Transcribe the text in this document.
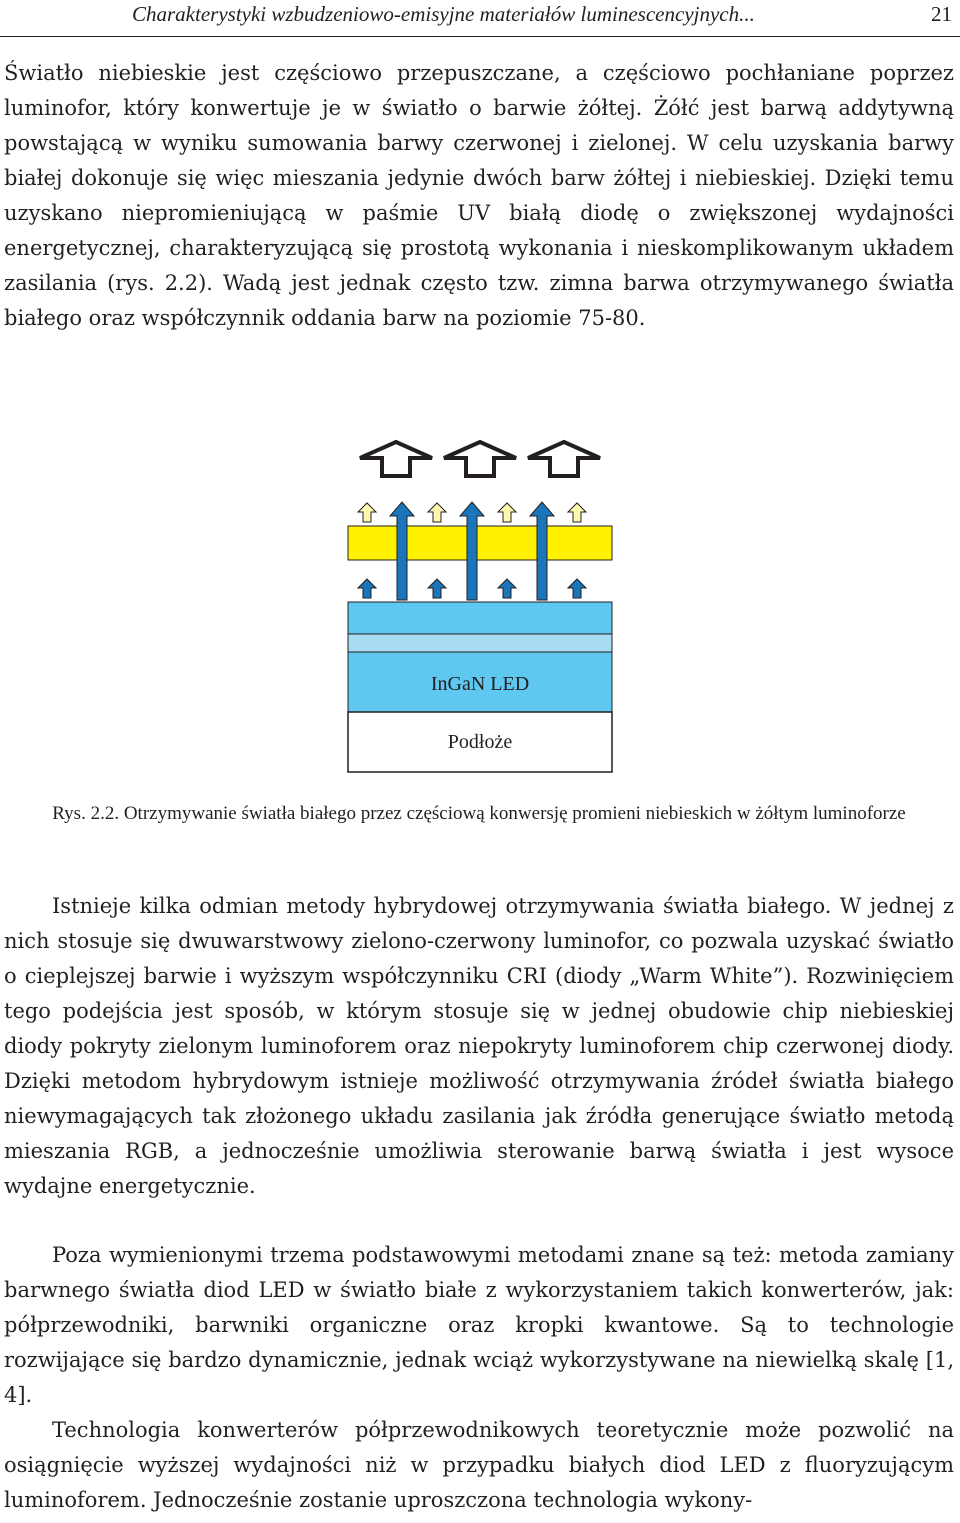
Charakterystyki wzbudzeniowo-emisyjne materiałów luminescencyjnych...	21

Światło niebieskie jest częściowo przepuszczane, a częściowo pochłaniane poprzez luminofor, który konwertuje je w światło o barwie żółtej. Żółć jest barwą addytywną powstającą w wyniku sumowania barwy czerwonej i zielonej. W celu uzyskania barwy białej dokonuje się więc mieszania jedynie dwóch barw żółtej i niebieskiej. Dzięki temu uzyskano niepromieniującą w paśmie UV białą diodę o zwiększonej wydajności energetycznej, charakteryzującą się prostotą wykonania i nieskomplikowanym układem zasilania (rys. 2.2). Wadą jest jednak często tzw. zimna barwa otrzymywanego światła białego oraz współczynnik oddania barw na poziomie 75-80.

InGaN LED
Podłoże
Rys. 2.2. Otrzymywanie światła białego przez częściową konwersję promieni niebieskich w żółtym luminoforze

Istnieje kilka odmian metody hybrydowej otrzymywania światła białego. W jednej z nich stosuje się dwuwarstwowy zielono-czerwony luminofor, co pozwala uzyskać światło o cieplejszej barwie i wyższym współczynniku CRI (diody „Warm White”). Rozwinięciem tego podejścia jest sposób, w którym stosuje się w jednej obudowie chip niebieskiej diody pokryty zielonym luminoforem oraz niepokryty luminoforem chip czerwonej diody. Dzięki metodom hybrydowym istnieje możliwość otrzymywania źródeł światła białego niewymagających tak złożonego układu zasilania jak źródła generujące światło metodą mieszania RGB, a jednocześnie umożliwia sterowanie barwą światła i jest wysoce wydajne energetycznie.

Poza wymienionymi trzema podstawowymi metodami znane są też: metoda zamiany barwnego światła diod LED w światło białe z wykorzystaniem takich konwerterów, jak: półprzewodniki, barwniki organiczne oraz kropki kwantowe. Są to technologie rozwijające się bardzo dynamicznie, jednak wciąż wykorzystywane na niewielką skalę [1, 4].

Technologia konwerterów półprzewodnikowych teoretycznie może pozwolić na osiągnięcie wyższej wydajności niż w przypadku białych diod LED z fluoryzującym luminoforem. Jednocześnie zostanie uproszczona technologia wykony-
